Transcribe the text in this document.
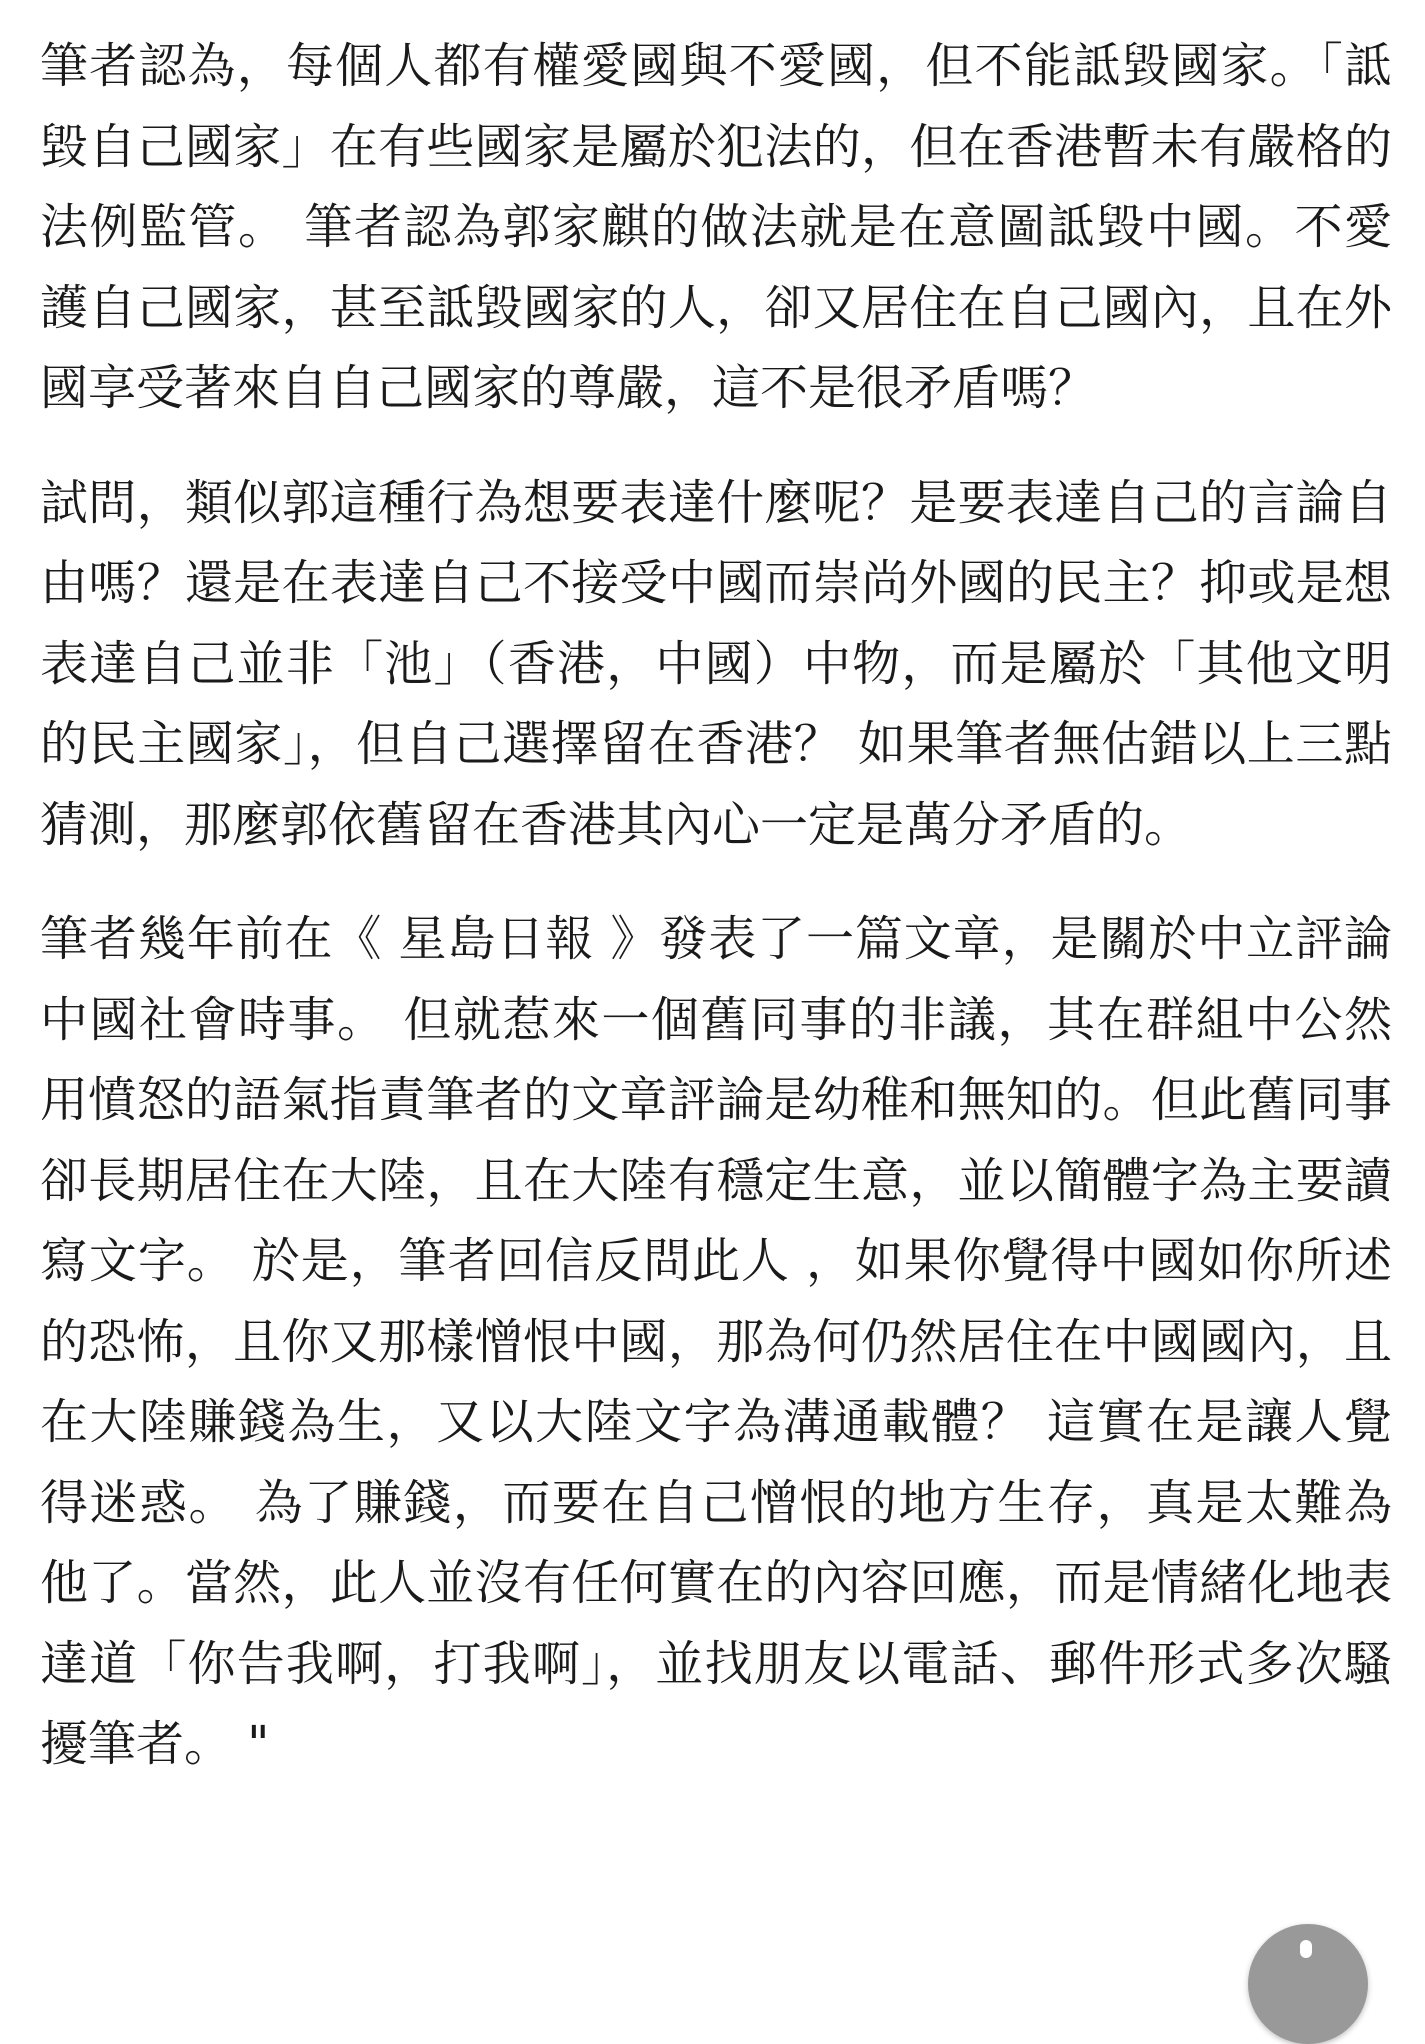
筆者認為，每個人都有權愛國與不愛國，但不能詆毀國家。「詆毀自己國家」在有些國家是屬於犯法的，但在香港暫未有嚴格的法例監管。 筆者認為郭家麒的做法就是在意圖詆毀中國。不愛護自己國家，甚至詆毀國家的人，卻又居住在自己國內，且在外國享受著來自自己國家的尊嚴，這不是很矛盾嗎？

試問，類似郭這種行為想要表達什麼呢？是要表達自己的言論自由嗎？還是在表達自己不接受中國而崇尚外國的民主？抑或是想表達自己並非「池」（香港，中國）中物，而是屬於「其他文明的民主國家」，但自己選擇留在香港？ 如果筆者無估錯以上三點猜測，那麼郭依舊留在香港其內心一定是萬分矛盾的。

筆者幾年前在《 星島日報 》發表了一篇文章，是關於中立評論中國社會時事。 但就惹來一個舊同事的非議，其在群組中公然用憤怒的語氣指責筆者的文章評論是幼稚和無知的。但此舊同事卻長期居住在大陸，且在大陸有穩定生意，並以簡體字為主要讀寫文字。 於是，筆者回信反問此人 ，如果你覺得中國如你所述的恐怖，且你又那樣憎恨中國，那為何仍然居住在中國國內，且在大陸賺錢為生，又以大陸文字為溝通載體？ 這實在是讓人覺得迷惑。 為了賺錢，而要在自己憎恨的地方生存，真是太難為他了。當然，此人並沒有任何實在的內容回應，而是情緒化地表達道「你告我啊，打我啊」，並找朋友以電話、郵件形式多次騷擾筆者。 "
